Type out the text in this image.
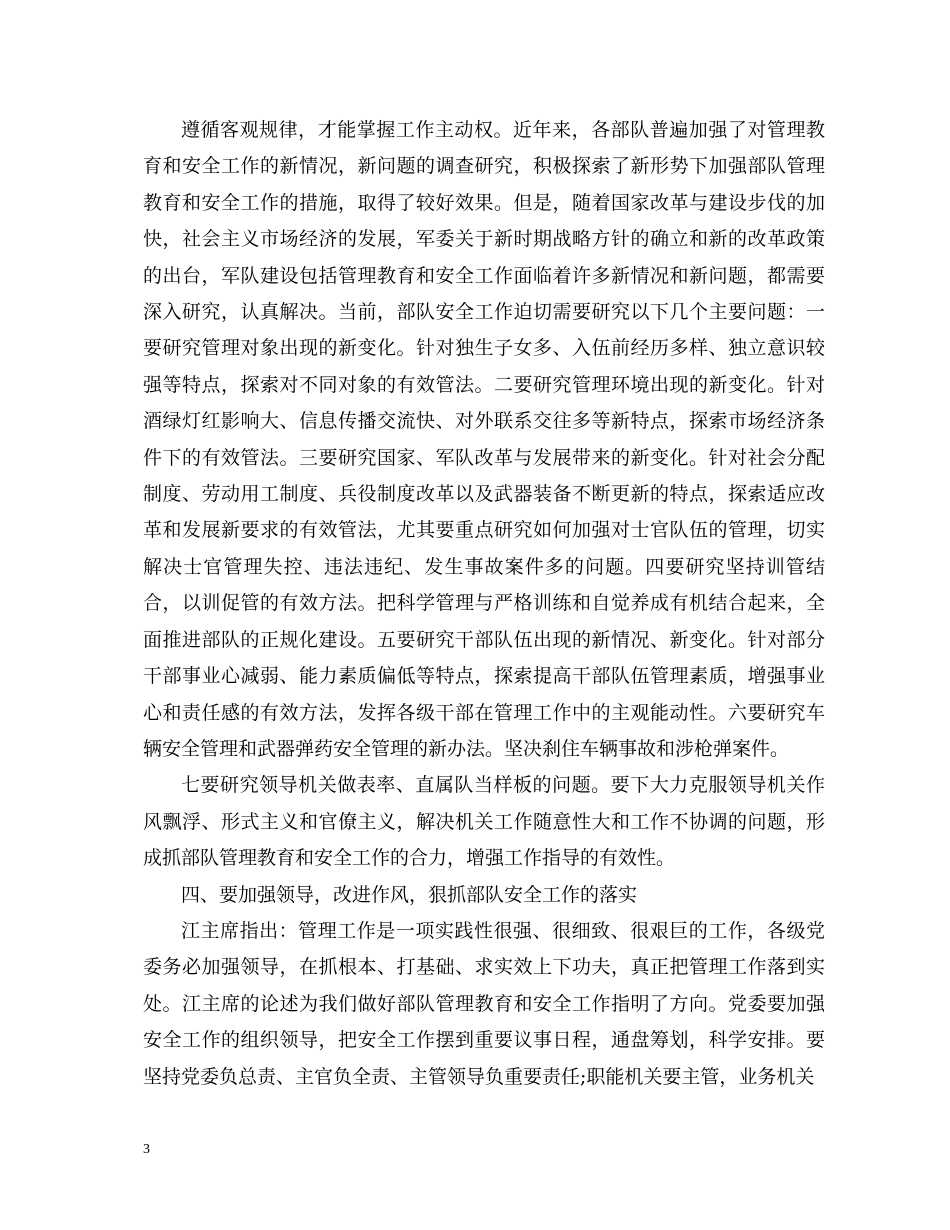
遵循客观规律，才能掌握工作主动权。近年来，各部队普遍加强了对管理教育和安全工作的新情况，新问题的调查研究，积极探索了新形势下加强部队管理教育和安全工作的措施，取得了较好效果。但是，随着国家改革与建设步伐的加快，社会主义市场经济的发展，军委关于新时期战略方针的确立和新的改革政策的出台，军队建设包括管理教育和安全工作面临着许多新情况和新问题，都需要深入研究，认真解决。当前，部队安全工作迫切需要研究以下几个主要问题：一要研究管理对象出现的新变化。针对独生子女多、入伍前经历多样、独立意识较强等特点，探索对不同对象的有效管法。二要研究管理环境出现的新变化。针对酒绿灯红影响大、信息传播交流快、对外联系交往多等新特点，探索市场经济条件下的有效管法。三要研究国家、军队改革与发展带来的新变化。针对社会分配制度、劳动用工制度、兵役制度改革以及武器装备不断更新的特点，探索适应改革和发展新要求的有效管法，尤其要重点研究如何加强对士官队伍的管理，切实解决士官管理失控、违法违纪、发生事故案件多的问题。四要研究坚持训管结合，以训促管的有效方法。把科学管理与严格训练和自觉养成有机结合起来，全面推进部队的正规化建设。五要研究干部队伍出现的新情况、新变化。针对部分干部事业心减弱、能力素质偏低等特点，探索提高干部队伍管理素质，增强事业心和责任感的有效方法，发挥各级干部在管理工作中的主观能动性。六要研究车辆安全管理和武器弹药安全管理的新办法。坚决刹住车辆事故和涉枪弹案件。

七要研究领导机关做表率、直属队当样板的问题。要下大力克服领导机关作风飘浮、形式主义和官僚主义，解决机关工作随意性大和工作不协调的问题，形成抓部队管理教育和安全工作的合力，增强工作指导的有效性。

四、要加强领导，改进作风，狠抓部队安全工作的落实

江主席指出：管理工作是一项实践性很强、很细致、很艰巨的工作，各级党委务必加强领导，在抓根本、打基础、求实效上下功夫，真正把管理工作落到实处。江主席的论述为我们做好部队管理教育和安全工作指明了方向。党委要加强安全工作的组织领导，把安全工作摆到重要议事日程，通盘筹划，科学安排。要坚持党委负总责、主官负全责、主管领导负重要责任;职能机关要主管，业务机关

3
